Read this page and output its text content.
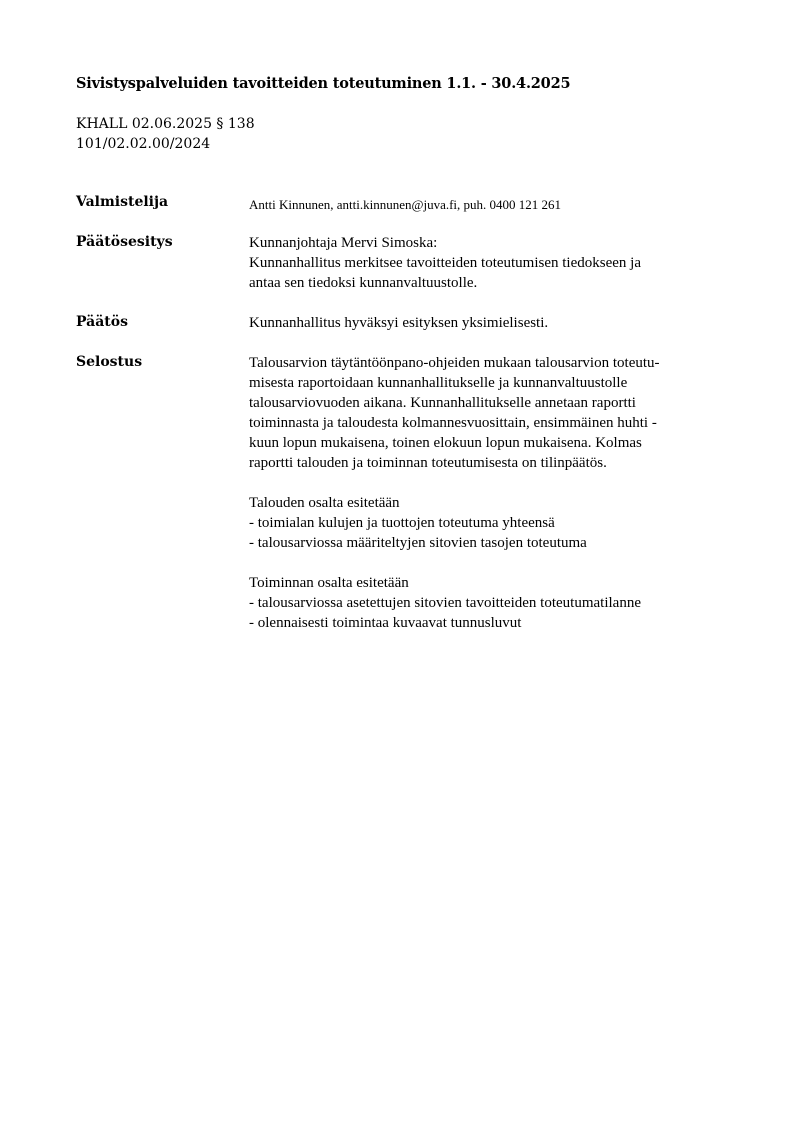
Sivistyspalveluiden tavoitteiden toteutuminen 1.1. - 30.4.2025
KHALL 02.06.2025 § 138
101/02.02.00/2024
Valmistelija	Antti Kinnunen, antti.kinnunen@juva.fi, puh. 0400 121 261
Päätösesitys	Kunnanjohtaja Mervi Simoska:
Kunnanhallitus merkitsee tavoitteiden toteutumisen tiedokseen ja
antaa sen tiedoksi kunnanvaltuustolle.
Päätös	Kunnanhallitus hyväksyi esityksen yksimielisesti.
Selostus	Talousarvion täytäntöönpano-ohjeiden mukaan talousarvion toteutu-
misesta raportoidaan kunnanhallitukselle ja kunnanvaltuustolle
talousarviovuoden aikana. Kunnanhallitukselle annetaan raportti
toiminnasta ja taloudesta kolmannesvuosittain, ensimmäinen huhti -
kuun lopun mukaisena, toinen elokuun lopun mukaisena. Kolmas
raportti talouden ja toiminnan toteutumisesta on tilinpäätös.
Talouden osalta esitetään
- toimialan kulujen ja tuottojen toteutuma yhteensä
- talousarviossa määriteltyjen sitovien tasojen toteutuma
Toiminnan osalta esitetään
- talousarviossa asetettujen sitovien tavoitteiden toteutumatilanne
- olennaisesti toimintaa kuvaavat tunnusluvut
